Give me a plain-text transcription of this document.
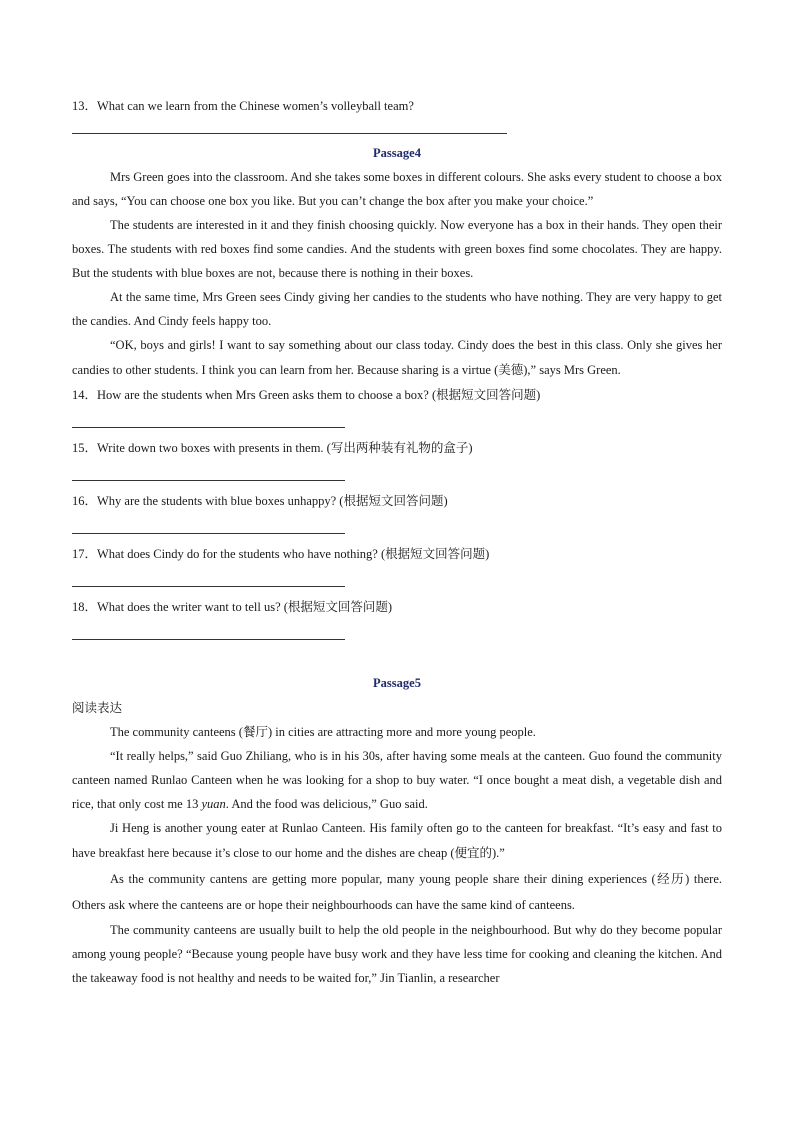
13．What can we learn from the Chinese women’s volleyball team?

Passage4

Mrs Green goes into the classroom. And she takes some boxes in different colours. She asks every student to choose a box and says, “You can choose one box you like. But you can’t change the box after you make your choice.”

The students are interested in it and they finish choosing quickly. Now everyone has a box in their hands. They open their boxes. The students with red boxes find some candies. And the students with green boxes find some chocolates. They are happy. But the students with blue boxes are not, because there is nothing in their boxes.

At the same time, Mrs Green sees Cindy giving her candies to the students who have nothing. They are very happy to get the candies. And Cindy feels happy too.

“OK, boys and girls! I want to say something about our class today. Cindy does the best in this class. Only she gives her candies to other students. I think you can learn from her. Because sharing is a virtue (美德),” says Mrs Green.

14．How are the students when Mrs Green asks them to choose a box? (根据短文回答问题)

15．Write down two boxes with presents in them. (写出两种装有礼物的盒子)

16．Why are the students with blue boxes unhappy? (根据短文回答问题)

17．What does Cindy do for the students who have nothing? (根据短文回答问题)

18．What does the writer want to tell us? (根据短文回答问题)

Passage5

阅读表达

The community canteens (餐厅) in cities are attracting more and more young people.

“It really helps,” said Guo Zhiliang, who is in his 30s, after having some meals at the canteen. Guo found the community canteen named Runlao Canteen when he was looking for a shop to buy water. “I once bought a meat dish, a vegetable dish and rice, that only cost me 13 yuan. And the food was delicious,” Guo said.

Ji Heng is another young eater at Runlao Canteen. His family often go to the canteen for breakfast. “It’s easy and fast to have breakfast here because it’s close to our home and the dishes are cheap (便宜的).”

As the community cantens are getting more popular, many young people share their dining experiences (经历) there. Others ask where the canteens are or hope their neighbourhoods can have the same kind of canteens.

The community canteens are usually built to help the old people in the neighbourhood. But why do they become popular among young people? “Because young people have busy work and they have less time for cooking and cleaning the kitchen. And the takeaway food is not healthy and needs to be waited for,” Jin Tianlin, a researcher
